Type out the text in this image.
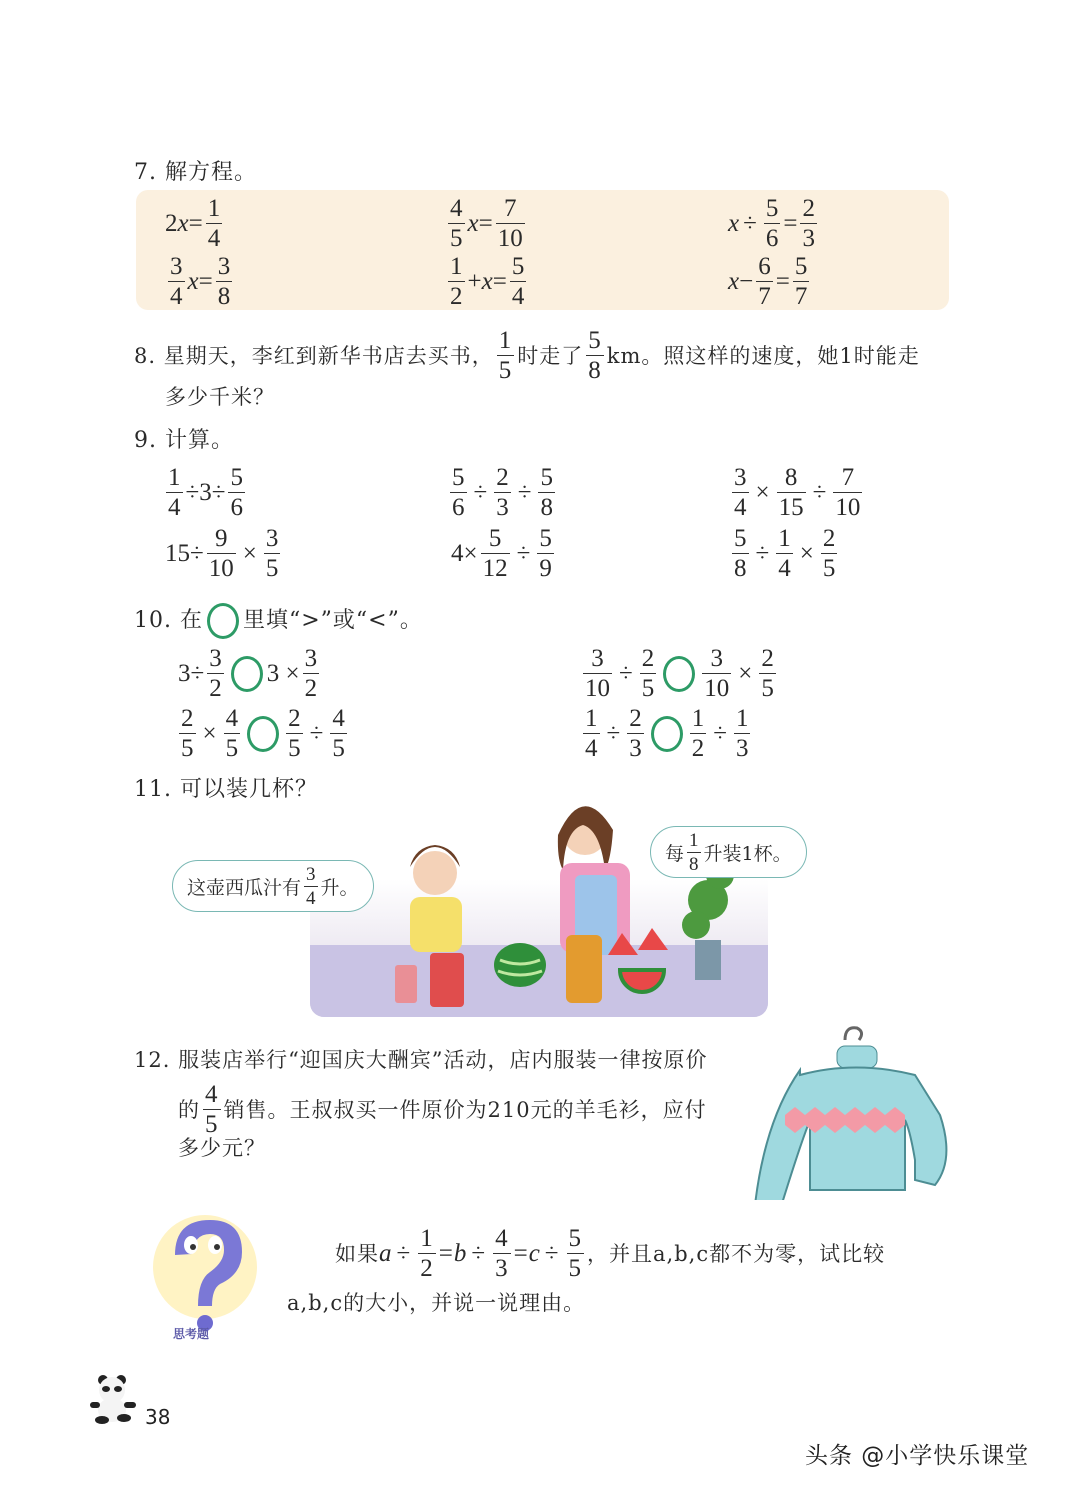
7. 解方程。
2 $x = \frac{1}{4}$	$\frac{4}{5}$ $x = \frac{7}{10}$	$x \div \frac{5}{6} = \frac{2}{3}$
$\frac{3}{4}$ $x = \frac{3}{8}$	$\frac{1}{2} + x = \frac{5}{4}$	$x - \frac{6}{7} = \frac{5}{7}$
8. 星期天，李红到新华书店去买书， $\frac{1}{5}$ 时走了 $\frac{5}{8}$ km。照这样的速度，她1时能走
多少千米？
9. 计算。
$\frac{1}{4} \div 3\div \frac{5}{6}$	$\frac{5}{6} \div \frac{2}{3} \div \frac{5}{8}$	$\frac{3}{4} \times \frac{8}{15} \div \frac{7}{10}$
$15\div \frac{9}{10} \times \frac{3}{5}$	$4\times \frac{5}{12} \div \frac{5}{9}$	$\frac{5}{8} \div \frac{1}{4} \times \frac{2}{5}$
10. 在 里填“>”或“<”。
$3\div \frac{3}{2} 3 \times \frac{3}{2}$	$\frac{3}{10} \div \frac{2}{5} \frac{3}{10} \times \frac{2}{5}$
$\frac{2}{5} \times \frac{4}{5} \frac{2}{5} \div \frac{4}{5}$	$\frac{1}{4} \div \frac{2}{3} \frac{1}{2} \div \frac{1}{3}$
11. 可以装几杯？
这壶西瓜汁有 $\frac{3}{4}$ 升。
每 $\frac{1}{8}$ 升装1杯。
12. 服装店举行“迎国庆大酬宾”活动，店内服装一律按原价
的 $\frac{4}{5}$ 销售。王叔叔买一件原价为210元的羊毛衫，应付
多少元？
思考题
如果 $a \div \frac{1}{2} = b \div \frac{4}{3} = c \div \frac{5}{5}$ ，并且a,b,c都不为零，试比较
a,b,c的大小，并说一说理由。
38
头条 @小学快乐课堂
